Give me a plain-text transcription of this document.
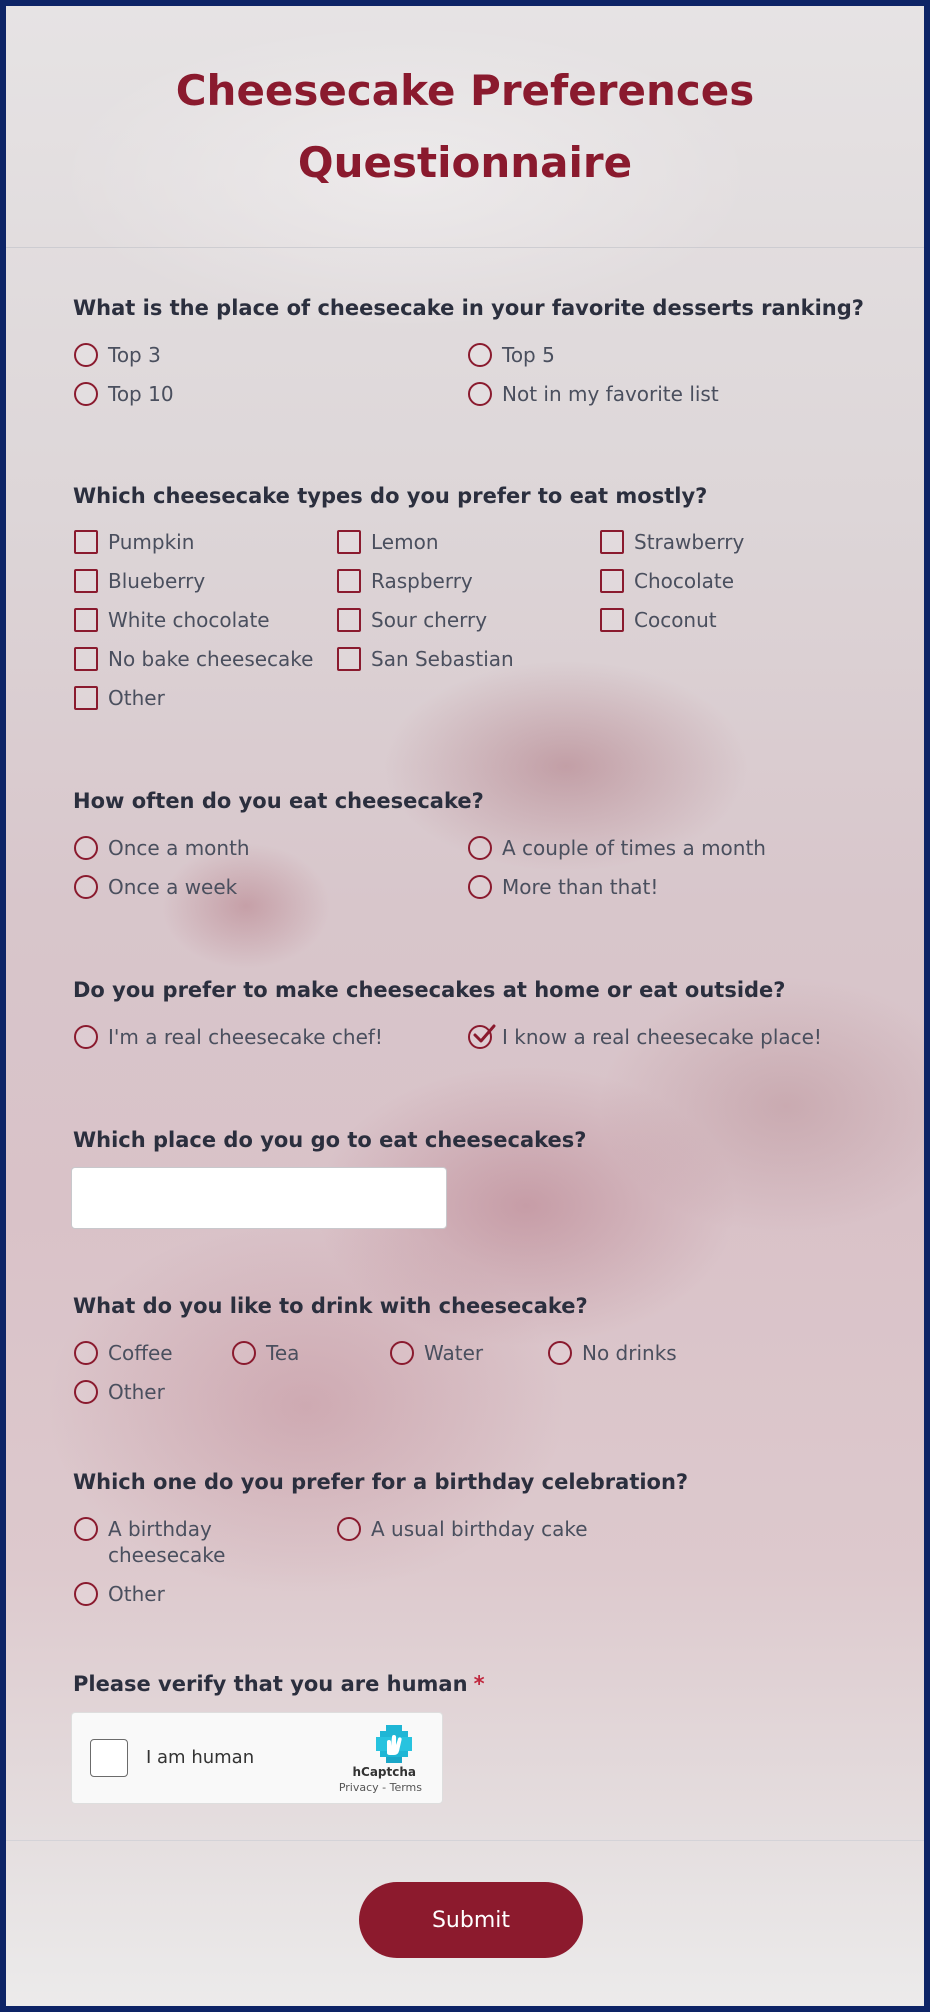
Cheesecake Preferences Questionnaire
What is the place of cheesecake in your favorite desserts ranking?
Top 3	Top 5
Top 10	Not in my favorite list
Which cheesecake types do you prefer to eat mostly?
Pumpkin	Lemon	Strawberry
Blueberry	Raspberry	Chocolate
White chocolate	Sour cherry	Coconut
No bake cheesecake	San Sebastian
Other
How often do you eat cheesecake?
Once a month	A couple of times a month
Once a week	More than that!
Do you prefer to make cheesecakes at home or eat outside?
I'm a real cheesecake chef!	I know a real cheesecake place!
Which place do you go to eat cheesecakes?
What do you like to drink with cheesecake?
Coffee	Tea	Water	No drinks
Other
Which one do you prefer for a birthday celebration?
A birthday cheesecake
A usual birthday cake
Other
Please verify that you are human *
I am human
hCaptcha
Privacy - Terms
Submit
